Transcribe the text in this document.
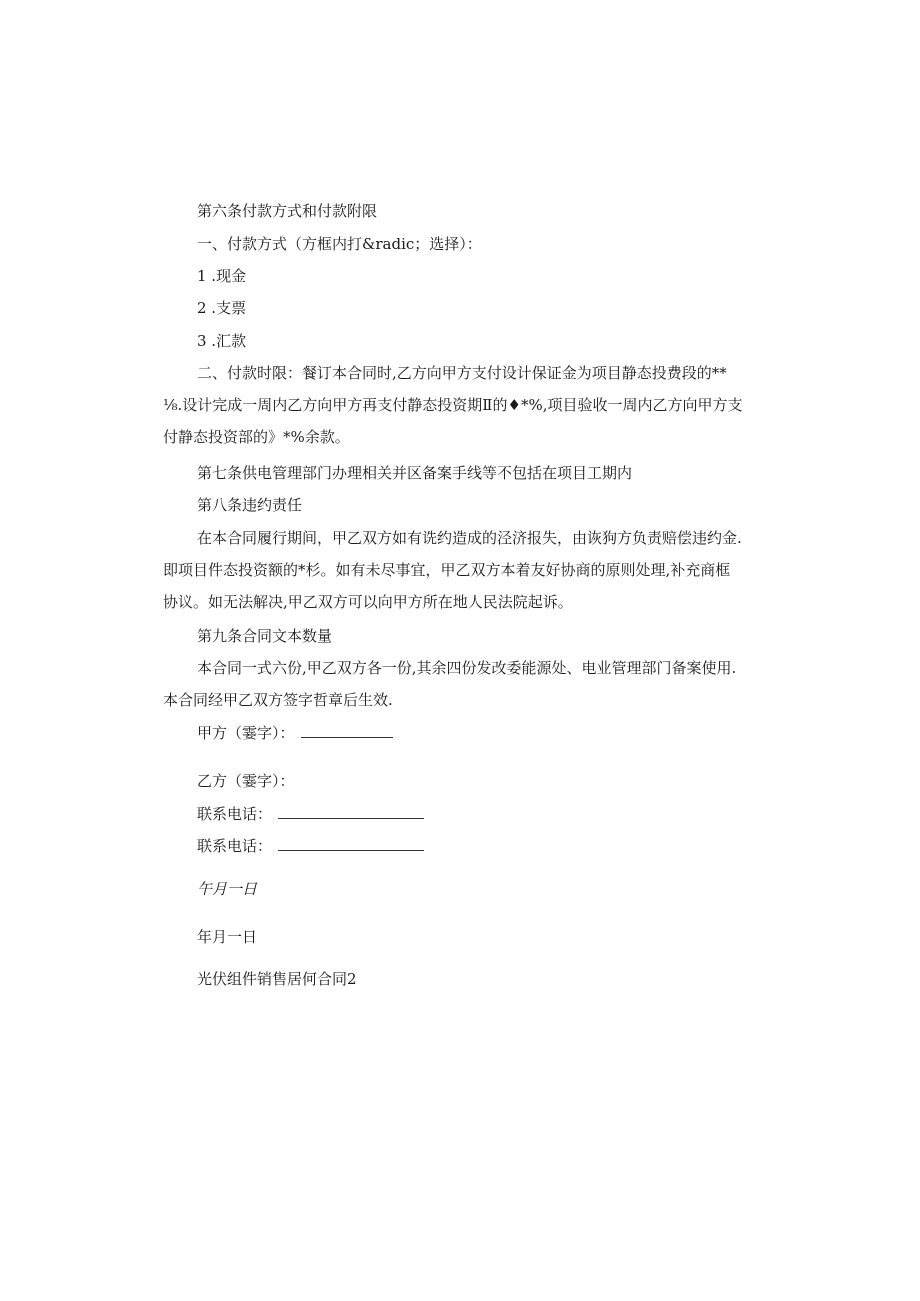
第六条付款方式和付款附限
一、付款方式（方框内打&radic；选择）：
1 .现金
2 .支票
3 .汇款
二、付款时限：餐订本合同时,乙方向甲方支付设计保证金为项目静态投费段的**⅛.设计完成一周内乙方向甲方再支付静态投资期Ⅱ的♦*%,项目验收一周内乙方向甲方支付静态投资部的》*%余款。
第七条供电管理部门办理相关并区备案手线等不包括在项目工期内
第八条违约责任
在本合同履行期间，甲乙双方如有诜约造成的泾济报失，由诙狗方负责赔偿违约金.即项目件态投资额的*杉。如有未尽事宜，甲乙双方本着友好协商的原则处理,补充商框协议。如无法解决,甲乙双方可以向甲方所在地人民法院起诉。
第九条合同文本数量
本合同一式六份,甲乙双方各一份,其余四份发改委能源处、电业管理部门备案使用.本合同经甲乙双方签字哲章后生效.
甲方（霎字）：
乙方（霎字）：
联系电话：
联系电话：
午月一日
年月一日
光伏组件销售居何合同2
